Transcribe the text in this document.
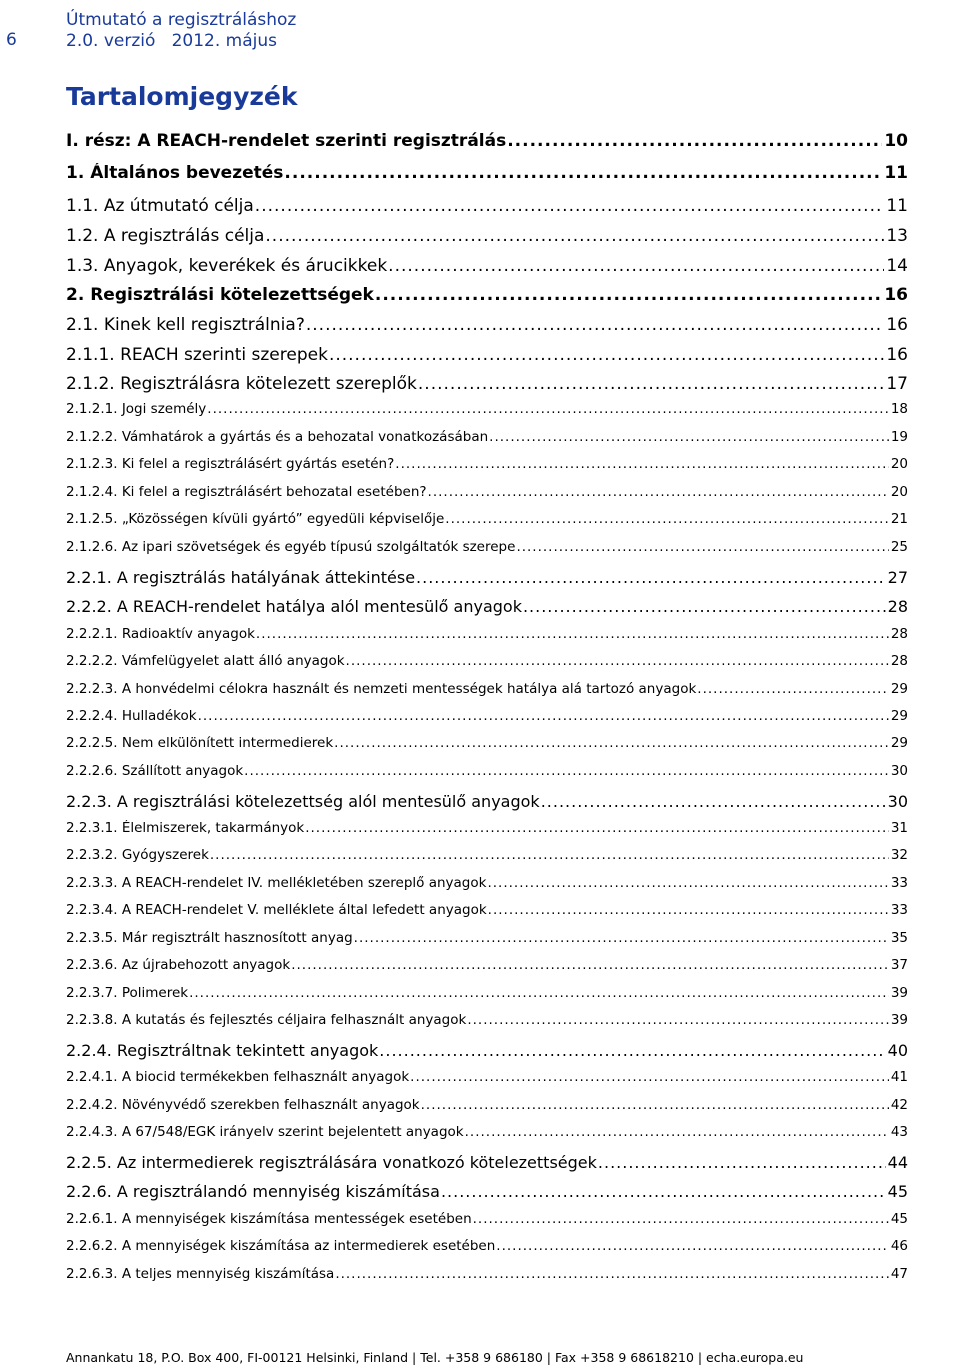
6
Útmutató a regisztráláshoz
2.0. verzió   2012. május
Tartalomjegyzék
I. rész: A REACH-rendelet szerinti regisztrálás .....	10
1. Általános bevezetés .....	11
1.1. Az útmutató célja .....	11
1.2. A regisztrálás célja .....	13
1.3. Anyagok, keverékek és árucikkek .....	14
2. Regisztrálási kötelezettségek .....	16
2.1. Kinek kell regisztrálnia? .....	16
2.1.1. REACH szerinti szerepek .....	16
2.1.2. Regisztrálásra kötelezett szereplők .....	17
2.1.2.1. Jogi személy .....	18
2.1.2.2. Vámhatárok a gyártás és a behozatal vonatkozásában .....	19
2.1.2.3. Ki felel a regisztrálásért gyártás esetén? .....	20
2.1.2.4. Ki felel a regisztrálásért behozatal esetében? .....	20
2.1.2.5. „Közösségen kívüli gyártó” egyedüli képviselője .....	21
2.1.2.6. Az ipari szövetségek és egyéb típusú szolgáltatók szerepe .....	25
2.2.1. A regisztrálás hatályának áttekintése .....	27
2.2.2. A REACH-rendelet hatálya alól mentesülő anyagok .....	28
2.2.2.1. Radioaktív anyagok .....	28
2.2.2.2. Vámfelügyelet alatt álló anyagok .....	28
2.2.2.3. A honvédelmi célokra használt és nemzeti mentességek hatálya alá tartozó anyagok .....	29
2.2.2.4. Hulladékok .....	29
2.2.2.5. Nem elkülönített intermedierek .....	29
2.2.2.6. Szállított anyagok .....	30
2.2.3. A regisztrálási kötelezettség alól mentesülő anyagok .....	30
2.2.3.1. Élelmiszerek, takarmányok .....	31
2.2.3.2. Gyógyszerek .....	32
2.2.3.3. A REACH-rendelet IV. mellékletében szereplő anyagok .....	33
2.2.3.4. A REACH-rendelet V. melléklete által lefedett anyagok .....	33
2.2.3.5. Már regisztrált hasznosított anyag .....	35
2.2.3.6. Az újrabehozott anyagok .....	37
2.2.3.7. Polimerek .....	39
2.2.3.8. A kutatás és fejlesztés céljaira felhasznált anyagok .....	39
2.2.4. Regisztráltnak tekintett anyagok .....	40
2.2.4.1. A biocid termékekben felhasznált anyagok .....	41
2.2.4.2. Növényvédő szerekben felhasznált anyagok .....	42
2.2.4.3. A 67/548/EGK irányelv szerint bejelentett anyagok .....	43
2.2.5. Az intermedierek regisztrálására vonatkozó kötelezettségek .....	44
2.2.6. A regisztrálandó mennyiség kiszámítása .....	45
2.2.6.1. A mennyiségek kiszámítása mentességek esetében .....	45
2.2.6.2. A mennyiségek kiszámítása az intermedierek esetében .....	46
2.2.6.3. A teljes mennyiség kiszámítása .....	47
Annankatu 18, P.O. Box 400, FI-00121 Helsinki, Finland | Tel. +358 9 686180 | Fax +358 9 68618210 | echa.europa.eu
